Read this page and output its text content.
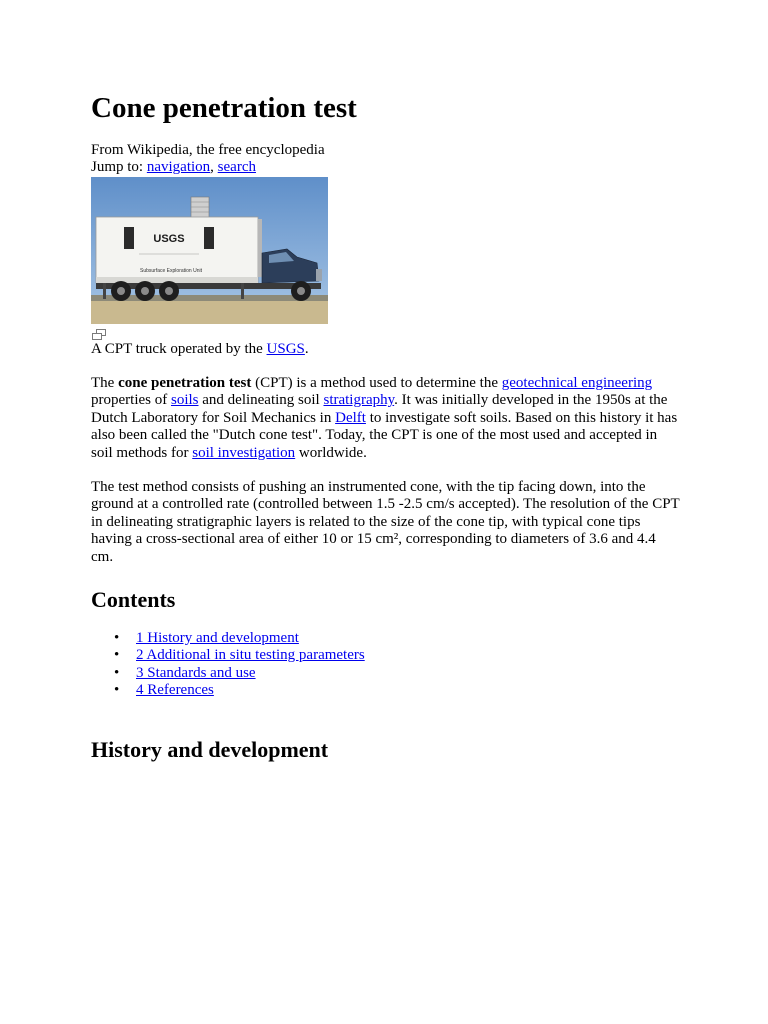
Cone penetration test
From Wikipedia, the free encyclopedia
Jump to: navigation, search
USGS
Subsurface Exploration Unit
A CPT truck operated by the USGS.

The cone penetration test (CPT) is a method used to determine the geotechnical engineering properties of soils and delineating soil stratigraphy. It was initially developed in the 1950s at the Dutch Laboratory for Soil Mechanics in Delft to investigate soft soils. Based on this history it has also been called the "Dutch cone test". Today, the CPT is one of the most used and accepted in soil methods for soil investigation worldwide.

The test method consists of pushing an instrumented cone, with the tip facing down, into the ground at a controlled rate (controlled between 1.5 -2.5 cm/s accepted). The resolution of the CPT in delineating stratigraphic layers is related to the size of the cone tip, with typical cone tips having a cross-sectional area of either 10 or 15 cm², corresponding to diameters of 3.6 and 4.4 cm.

Contents
• 1 History and development
• 2 Additional in situ testing parameters
• 3 Standards and use
• 4 References
History and development
